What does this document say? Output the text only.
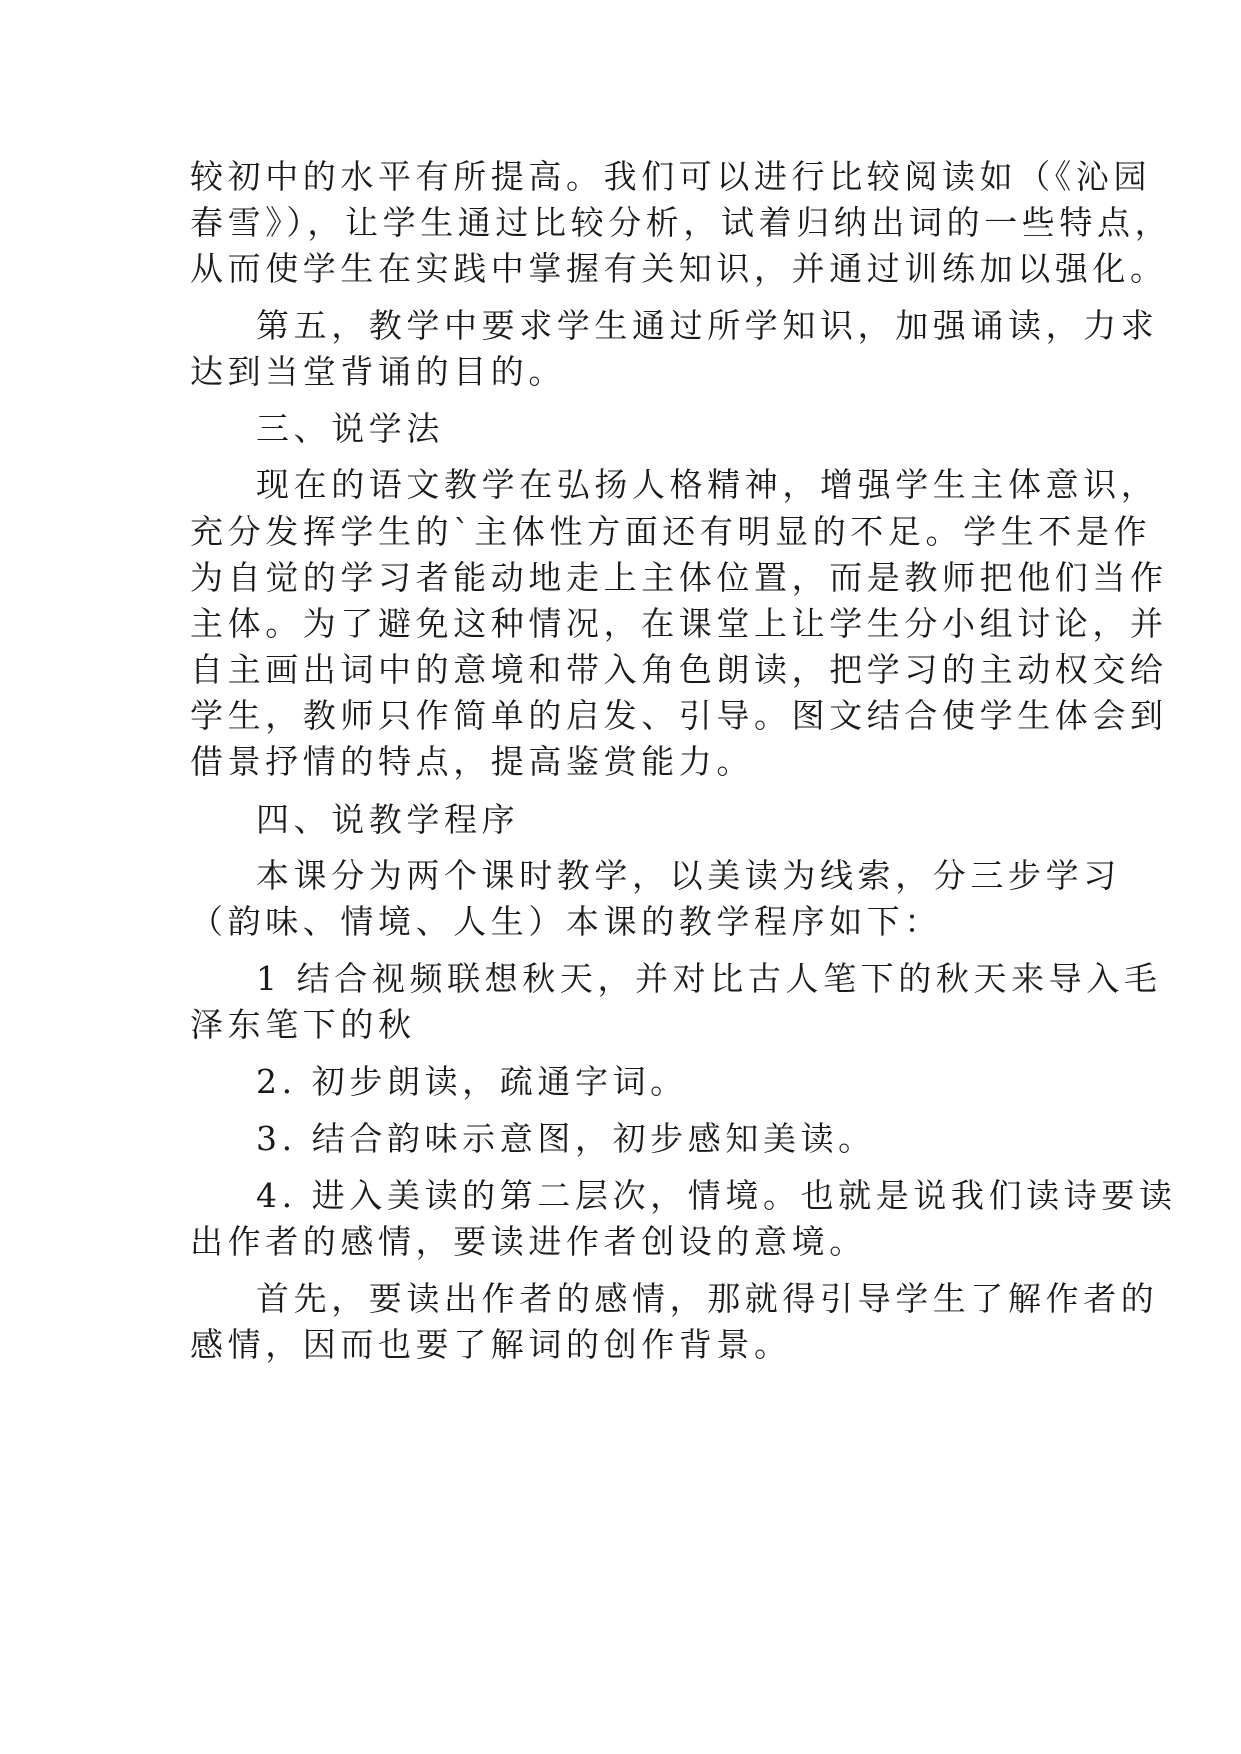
较初中的水平有所提高。我们可以进行比较阅读如（《沁园
春雪》），让学生通过比较分析，试着归纳出词的一些特点，
从而使学生在实践中掌握有关知识，并通过训练加以强化。
第五，教学中要求学生通过所学知识，加强诵读，力求
达到当堂背诵的目的。
三、说学法
现在的语文教学在弘扬人格精神，增强学生主体意识，
充分发挥学生的`主体性方面还有明显的不足。学生不是作
为自觉的学习者能动地走上主体位置，而是教师把他们当作
主体。为了避免这种情况，在课堂上让学生分小组讨论，并
自主画出词中的意境和带入角色朗读，把学习的主动权交给
学生，教师只作简单的启发、引导。图文结合使学生体会到
借景抒情的特点，提高鉴赏能力。
四、说教学程序
本课分为两个课时教学，以美读为线索，分三步学习
（韵味、情境、人生）本课的教学程序如下：
1 结合视频联想秋天，并对比古人笔下的秋天来导入毛
泽东笔下的秋
2. 初步朗读，疏通字词。
3. 结合韵味示意图，初步感知美读。
4. 进入美读的第二层次，情境。也就是说我们读诗要读
出作者的感情，要读进作者创设的意境。
首先，要读出作者的感情，那就得引导学生了解作者的
感情，因而也要了解词的创作背景。
